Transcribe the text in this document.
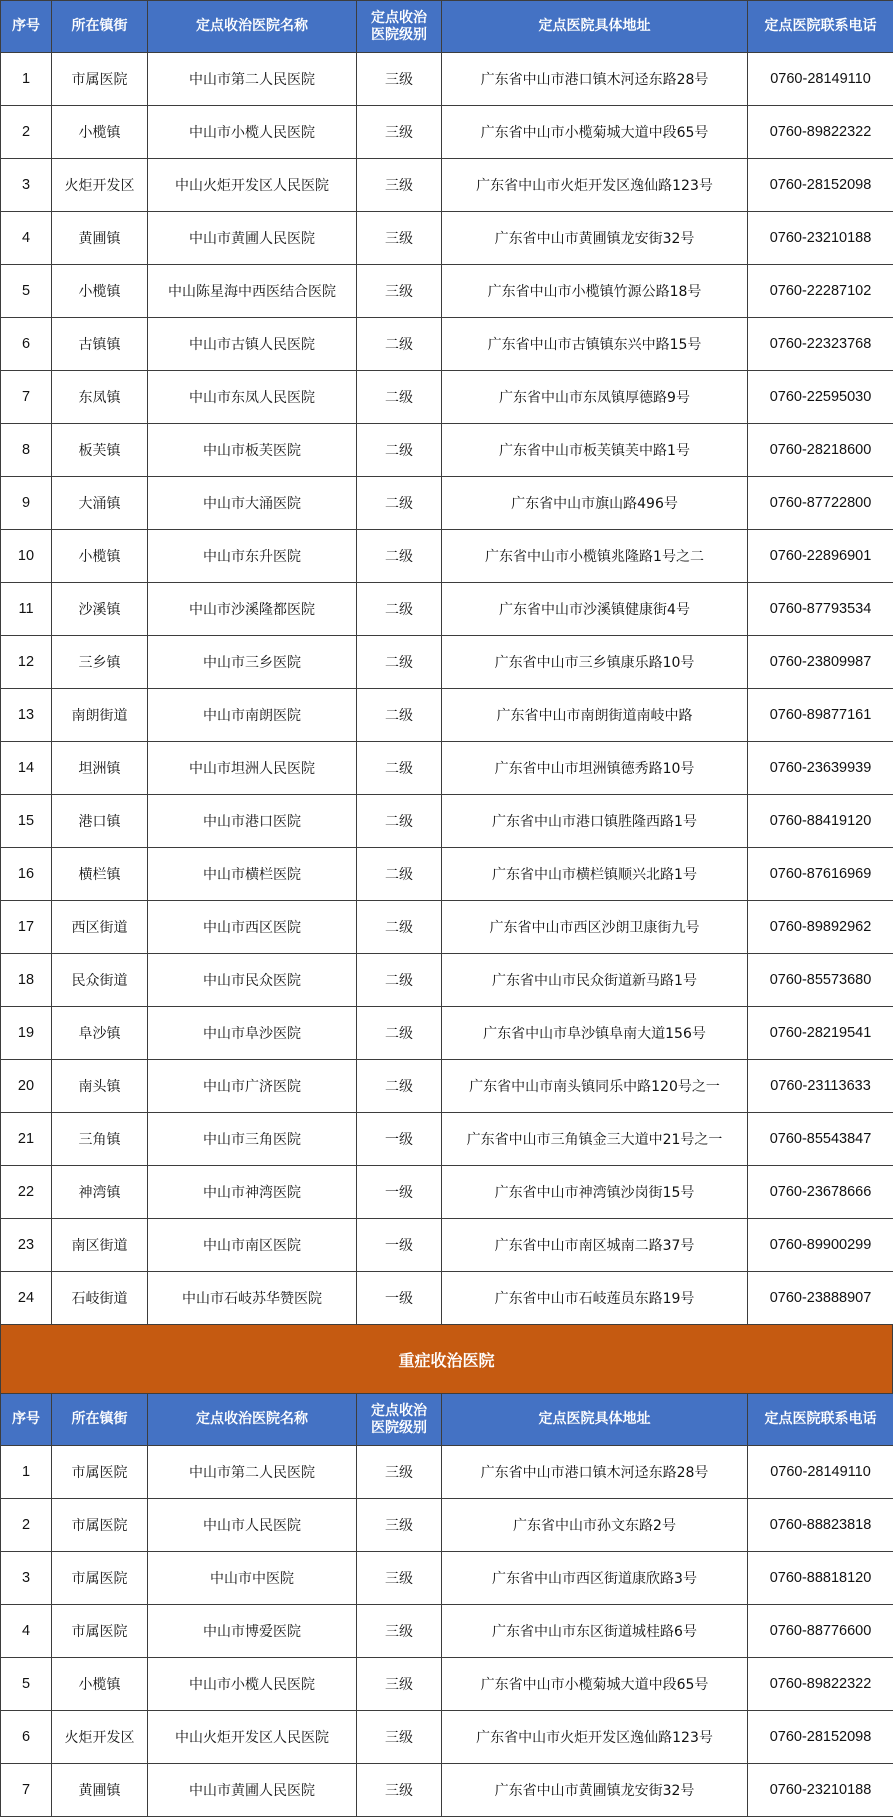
序号	所在镇街	定点收治医院名称	定点收治医院级别	定点医院具体地址	定点医院联系电话
1	市属医院	中山市第二人民医院	三级	广东省中山市港口镇木河迳东路28号	0760-28149110
2	小榄镇	中山市小榄人民医院	三级	广东省中山市小榄菊城大道中段65号	0760-89822322
3	火炬开发区	中山火炬开发区人民医院	三级	广东省中山市火炬开发区逸仙路123号	0760-28152098
4	黄圃镇	中山市黄圃人民医院	三级	广东省中山市黄圃镇龙安街32号	0760-23210188
5	小榄镇	中山陈星海中西医结合医院	三级	广东省中山市小榄镇竹源公路18号	0760-22287102
6	古镇镇	中山市古镇人民医院	二级	广东省中山市古镇镇东兴中路15号	0760-22323768
7	东凤镇	中山市东凤人民医院	二级	广东省中山市东凤镇厚德路9号	0760-22595030
8	板芙镇	中山市板芙医院	二级	广东省中山市板芙镇芙中路1号	0760-28218600
9	大涌镇	中山市大涌医院	二级	广东省中山市旗山路496号	0760-87722800
10	小榄镇	中山市东升医院	二级	广东省中山市小榄镇兆隆路1号之二	0760-22896901
11	沙溪镇	中山市沙溪隆都医院	二级	广东省中山市沙溪镇健康街4号	0760-87793534
12	三乡镇	中山市三乡医院	二级	广东省中山市三乡镇康乐路10号	0760-23809987
13	南朗街道	中山市南朗医院	二级	广东省中山市南朗街道南岐中路	0760-89877161
14	坦洲镇	中山市坦洲人民医院	二级	广东省中山市坦洲镇德秀路10号	0760-23639939
15	港口镇	中山市港口医院	二级	广东省中山市港口镇胜隆西路1号	0760-88419120
16	横栏镇	中山市横栏医院	二级	广东省中山市横栏镇顺兴北路1号	0760-87616969
17	西区街道	中山市西区医院	二级	广东省中山市西区沙朗卫康街九号	0760-89892962
18	民众街道	中山市民众医院	二级	广东省中山市民众街道新马路1号	0760-85573680
19	阜沙镇	中山市阜沙医院	二级	广东省中山市阜沙镇阜南大道156号	0760-28219541
20	南头镇	中山市广济医院	二级	广东省中山市南头镇同乐中路120号之一	0760-23113633
21	三角镇	中山市三角医院	一级	广东省中山市三角镇金三大道中21号之一	0760-85543847
22	神湾镇	中山市神湾医院	一级	广东省中山市神湾镇沙岗街15号	0760-23678666
23	南区街道	中山市南区医院	一级	广东省中山市南区城南二路37号	0760-89900299
24	石岐街道	中山市石岐苏华赞医院	一级	广东省中山市石岐莲员东路19号	0760-23888907
重症收治医院
序号	所在镇街	定点收治医院名称	定点收治医院级别	定点医院具体地址	定点医院联系电话
1	市属医院	中山市第二人民医院	三级	广东省中山市港口镇木河迳东路28号	0760-28149110
2	市属医院	中山市人民医院	三级	广东省中山市孙文东路2号	0760-88823818
3	市属医院	中山市中医院	三级	广东省中山市西区街道康欣路3号	0760-88818120
4	市属医院	中山市博爱医院	三级	广东省中山市东区街道城桂路6号	0760-88776600
5	小榄镇	中山市小榄人民医院	三级	广东省中山市小榄菊城大道中段65号	0760-89822322
6	火炬开发区	中山火炬开发区人民医院	三级	广东省中山市火炬开发区逸仙路123号	0760-28152098
7	黄圃镇	中山市黄圃人民医院	三级	广东省中山市黄圃镇龙安街32号	0760-23210188
